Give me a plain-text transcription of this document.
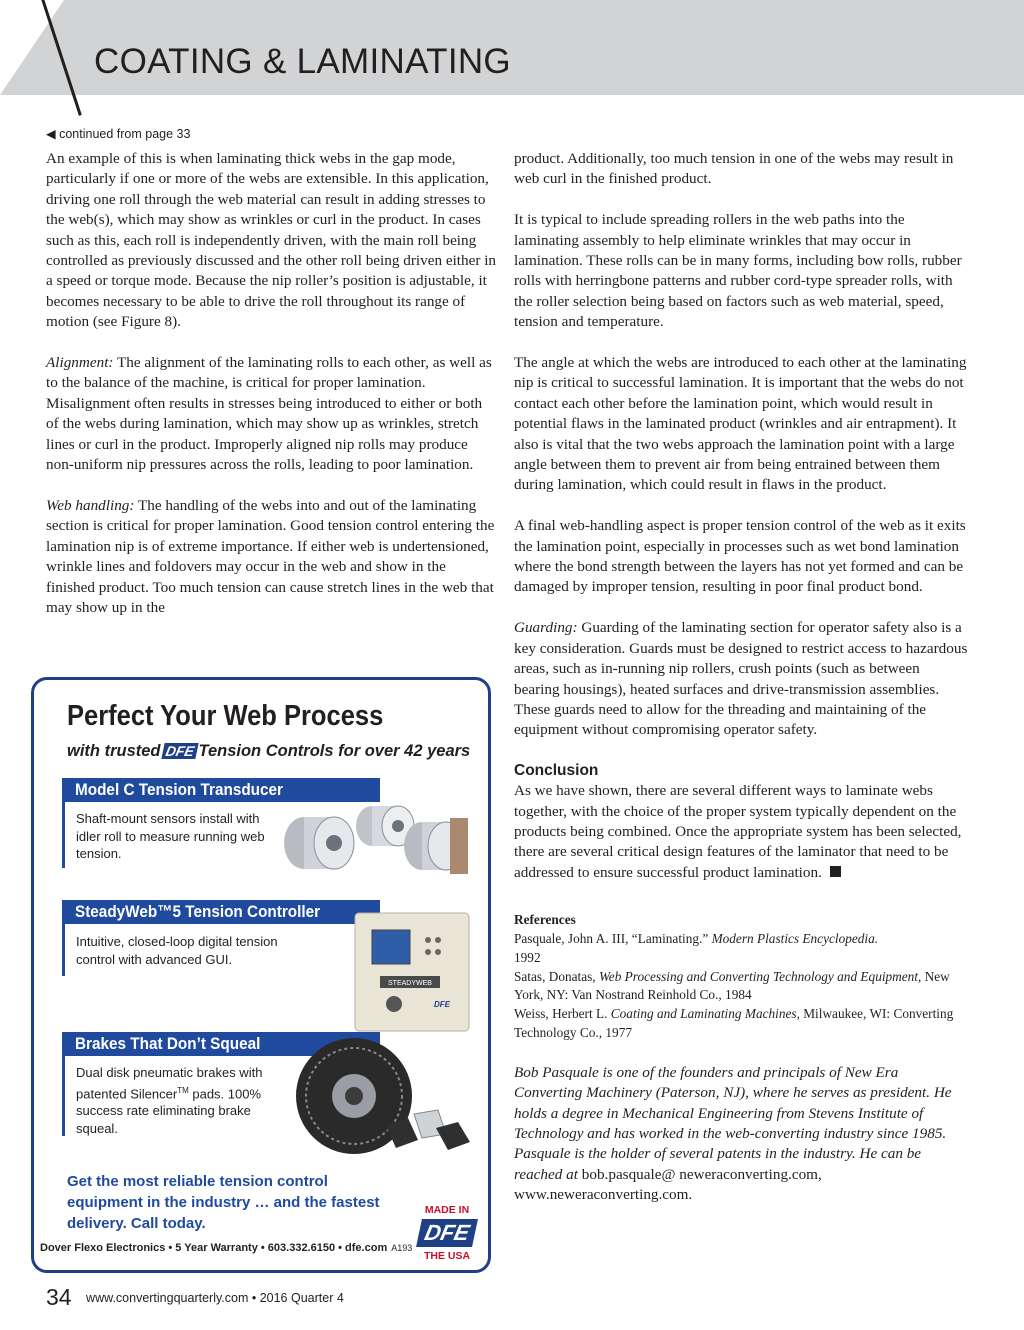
COATING & LAMINATING
◀ continued from page 33

An example of this is when laminating thick webs in the gap mode, particularly if one or more of the webs are extensible. In this application, driving one roll through the web material can result in adding stresses to the web(s), which may show as wrinkles or curl in the product. In cases such as this, each roll is independently driven, with the main roll being controlled as previously discussed and the other roll being driven either in a speed or torque mode. Because the nip roller’s position is adjustable, it becomes necessary to be able to drive the roll throughout its range of motion (see Figure 8).

Alignment: The alignment of the laminating rolls to each other, as well as to the balance of the machine, is critical for proper lamination. Misalignment often results in stresses being introduced to either or both of the webs during lamination, which may show up as wrinkles, stretch lines or curl in the product. Improperly aligned nip rolls may produce non-uniform nip pressures across the rolls, leading to poor lamination.

Web handling: The handling of the webs into and out of the laminating section is critical for proper lamination. Good tension control entering the lamination nip is of extreme importance. If either web is undertensioned, wrinkle lines and foldovers may occur in the web and show in the finished product. Too much tension can cause stretch lines in the web that may show up in the

Perfect Your Web Process
with trusted DFE Tension Controls for over 42 years
Model C Tension Transducer
Shaft-mount sensors install with idler roll to measure running web tension.
SteadyWeb™5 Tension Controller
Intuitive, closed-loop digital tension control with advanced GUI.
STEADYWEB
DFE
Brakes That Don’t Squeal
Dual disk pneumatic brakes with patented Silencer™ pads. 100% success rate eliminating brake squeal.
Get the most reliable tension control equipment in the industry … and the fastest delivery. Call today.
MADE IN
DFE
THE USA
Dover Flexo Electronics • 5 Year Warranty • 603.332.6150 • dfe.com A193

product. Additionally, too much tension in one of the webs may result in web curl in the finished product.

It is typical to include spreading rollers in the web paths into the laminating assembly to help eliminate wrinkles that may occur in lamination. These rolls can be in many forms, including bow rolls, rubber rolls with herringbone patterns and rubber cord-type spreader rolls, with the roller selection being based on factors such as web material, speed, tension and temperature.

The angle at which the webs are introduced to each other at the laminating nip is critical to successful lamination. It is important that the webs do not contact each other before the lamination point, which would result in potential flaws in the laminated product (wrinkles and air entrapment). It also is vital that the two webs approach the lamination point with a large angle between them to prevent air from being entrained between them during lamination, which could result in flaws in the product.

A final web-handling aspect is proper tension control of the web as it exits the lamination point, especially in processes such as wet bond lamination where the bond strength between the layers has not yet formed and can be damaged by improper tension, resulting in poor final product bond.

Guarding: Guarding of the laminating section for operator safety also is a key consideration. Guards must be designed to restrict access to hazardous areas, such as in-running nip rollers, crush points (such as between bearing housings), heated surfaces and drive-transmission assemblies. These guards need to allow for the threading and maintaining of the equipment without compromising operator safety.

Conclusion

As we have shown, there are several different ways to laminate webs together, with the choice of the proper system typically dependent on the products being combined. Once the appropriate system has been selected, there are several critical design features of the laminator that need to be addressed to ensure successful product lamination.

References
Pasquale, John A. III, “Laminating.” Modern Plastics Encyclopedia.
1992
Satas, Donatas, Web Processing and Converting Technology and Equipment, New York, NY: Van Nostrand Reinhold Co., 1984
Weiss, Herbert L. Coating and Laminating Machines, Milwaukee, WI: Converting Technology Co., 1977
Bob Pasquale is one of the founders and principals of New Era Converting Machinery (Paterson, NJ), where he serves as president. He holds a degree in Mechanical Engineering from Stevens Institute of Technology and has worked in the web-converting industry since 1985. Pasquale is the holder of several patents in the industry. He can be reached at bob.pasquale@ neweraconverting.com, www.neweraconverting.com.
34 www.convertingquarterly.com • 2016 Quarter 4
